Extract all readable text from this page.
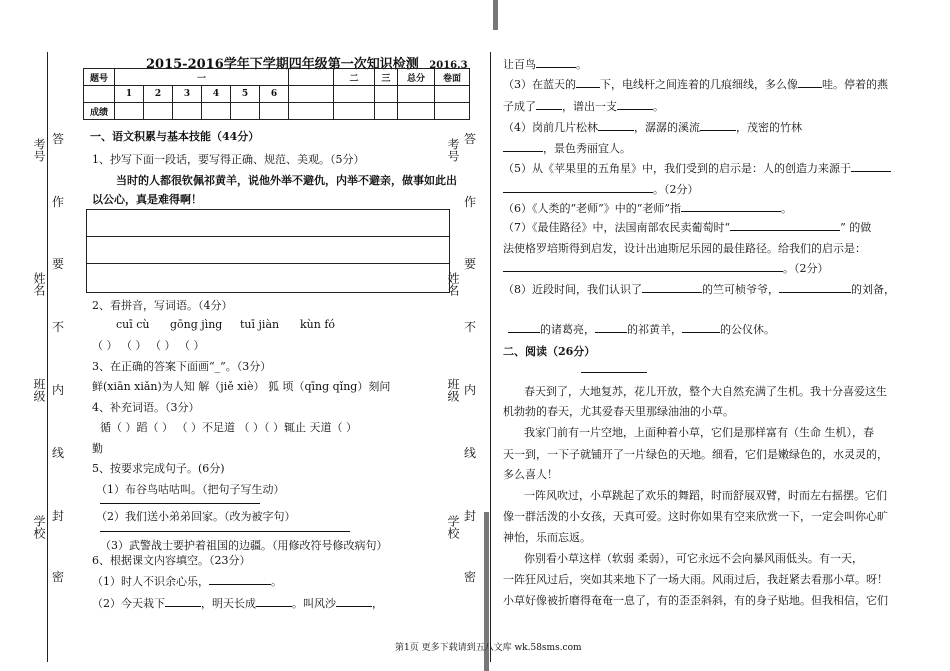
考号
姓名
班级
学校
答
作
要
不
内
线
封
密
考号
姓名
班级
学校
答
作
要
不
内
线
封
密
2015-2016学年下学期四年级第一次知识检测 2016.3
题号	一							二	三	总分	卷面
	1	2	3	4	5	6					
成绩											
一、语文积累与基本技能（44分）
1、抄写下面一段话，要写得正确、规范、美观。（5分）
当时的人都很钦佩祁黄羊，说他外举不避仇，内举不避亲，做事如此出
以公心，真是难得啊！
2、看拼音，写词语。（4分）
cuī cù gōng jìng tuī jiàn kùn fó
（ ） （ ） （ ） （ ）
3、在正确的答案下面画“_”。（3分）
鲜(xiān xiǎn)为人知 解（jiě xiè） 狐 顷（qīng qǐng）刻问
4、补充词语。（3分）
循（ ）蹈（ ） （ ）不足道 （ ）（ ）辄止 天道（ ）
勤
5、按要求完成句子。(6分)
（1）布谷鸟咕咕叫。（把句子写生动）
（2）我们送小弟弟回家。（改为被字句）
（3）武警战士要护着祖国的边疆。（用修改符号修改病句）
6、根据课文内容填空。（23分）
（1）时人不识余心乐，	。
（2）今天栽下	，明天长成	。叫风沙	，
让百鸟	。
（3）在蓝天的 下，电线杆之间连着的几痕细线，多么像 哇。停着的燕
子成了 ，谱出一支	。
（4）岗前几片松林	，潺潺的溪流	，茂密的竹林
，景色秀丽宜人。
（5）从《苹果里的五角星》中，我们受到的启示是：人的创造力来源于
。（2分）
（6）《人类的“老师”》中的“老师”指	。
（7）《最佳路径》中，法国南部农民卖葡萄时“	” 的做
法使格罗培斯得到启发，设计出迪斯尼乐园的最佳路径。给我们的启示是：
。（2分）
（8）近段时间，我们认识了	的竺可桢爷爷，	的刘备，
的诸葛亮，	的祁黄羊，	的公仪休。
二、阅读（26分）
春天到了，大地复苏，花儿开放，整个大自然充满了生机。我十分喜爱这生
机勃勃的春天，尤其爱春天里那绿油油的小草。
我家门前有一片空地，上面种着小草，它们是那样富有（生命 生机），春
天一到，一下子就铺开了一片绿色的天地。细看，它们是嫩绿色的，水灵灵的，
多么喜人！
一阵风吹过，小草跳起了欢乐的舞蹈，时而舒展双臂，时而左右摇摆。它们
像一群活泼的小女孩，天真可爱。这时你如果有空来欣赏一下，一定会叫你心旷
神怡，乐而忘返。
你别看小草这样（软弱 柔弱），可它永远不会向暴风雨低头。有一天，
一阵狂风过后，突如其来地下了一场大雨。风雨过后，我赶紧去看那小草。呀！
小草好像被折磨得奄奄一息了，有的歪歪斜斜，有的身子贴地。但我相信，它们
第1页 更多下载请到五八文库 wk.58sms.com
